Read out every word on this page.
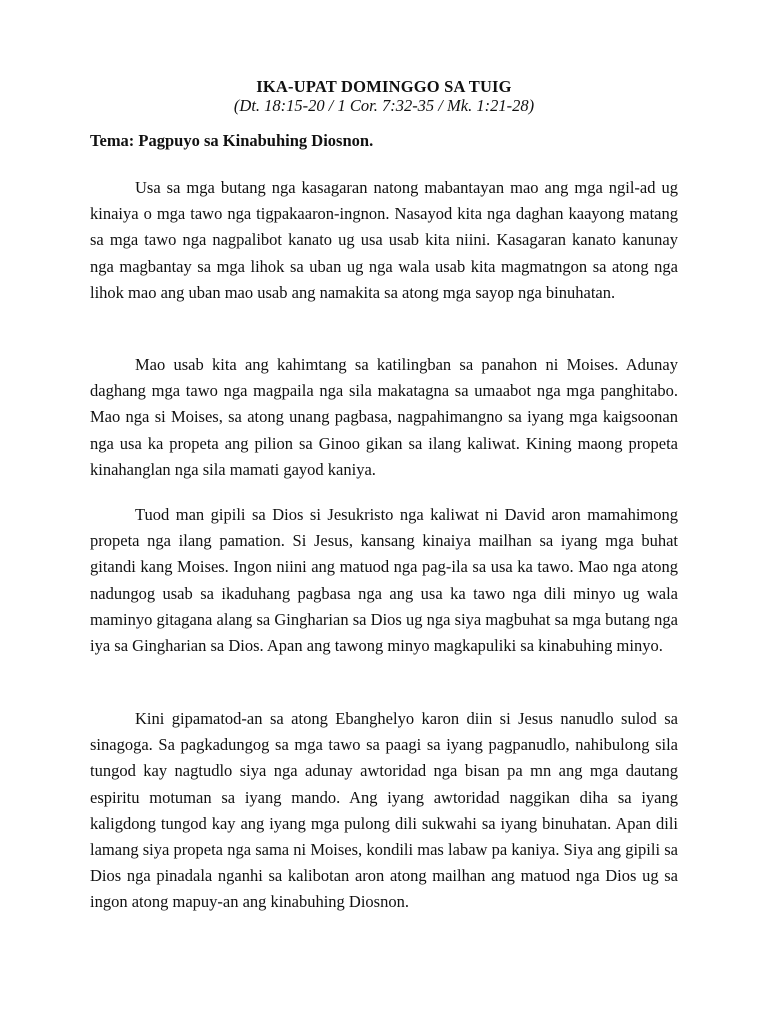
IKA-UPAT DOMINGGO SA TUIG

(Dt. 18:15-20 / 1 Cor. 7:32-35 / Mk. 1:21-28)

Tema: Pagpuyo sa Kinabuhing Diosnon.

Usa sa mga butang nga kasagaran natong mabantayan mao ang mga ngil-ad ug kinaiya o mga tawo nga tigpakaaron-ingnon. Nasayod kita nga daghan kaayong matang sa mga tawo nga nagpalibot kanato ug usa usab kita niini. Kasagaran kanato kanunay nga magbantay sa mga lihok sa uban ug nga wala usab kita magmatngon sa atong nga lihok mao ang uban mao usab ang namakita sa atong mga sayop nga binuhatan.

Mao usab kita ang kahimtang sa katilingban sa panahon ni Moises. Adunay daghang mga tawo nga magpaila nga sila makatagna sa umaabot nga mga panghitabo. Mao nga si Moises, sa atong unang pagbasa, nagpahimangno sa iyang mga kaigsoonan nga usa ka propeta ang pilion sa Ginoo gikan sa ilang kaliwat. Kining maong propeta kinahanglan nga sila mamati gayod kaniya.

Tuod man gipili sa Dios si Jesukristo nga kaliwat ni David aron mamahimong propeta nga ilang pamation. Si Jesus, kansang kinaiya mailhan sa iyang mga buhat gitandi kang Moises. Ingon niini ang matuod nga pag-ila sa usa ka tawo. Mao nga atong nadungog usab sa ikaduhang pagbasa nga ang usa ka tawo nga dili minyo ug wala maminyo gitagana alang sa Gingharian sa Dios ug nga siya magbuhat sa mga butang nga iya sa Gingharian sa Dios. Apan ang tawong minyo magkapuliki sa kinabuhing minyo.

Kini gipamatod-an sa atong Ebanghelyo karon diin si Jesus nanudlo sulod sa sinagoga. Sa pagkadungog sa mga tawo sa paagi sa iyang pagpanudlo, nahibulong sila tungod kay nagtudlo siya nga adunay awtoridad nga bisan pa mn ang mga dautang espiritu motuman sa iyang mando. Ang iyang awtoridad naggikan diha sa iyang kaligdong tungod kay ang iyang mga pulong dili sukwahi sa iyang binuhatan. Apan dili lamang siya propeta nga sama ni Moises, kondili mas labaw pa kaniya. Siya ang gipili sa Dios nga pinadala nganhi sa kalibotan aron atong mailhan ang matuod nga Dios ug sa ingon atong mapuy-an ang kinabuhing Diosnon.
